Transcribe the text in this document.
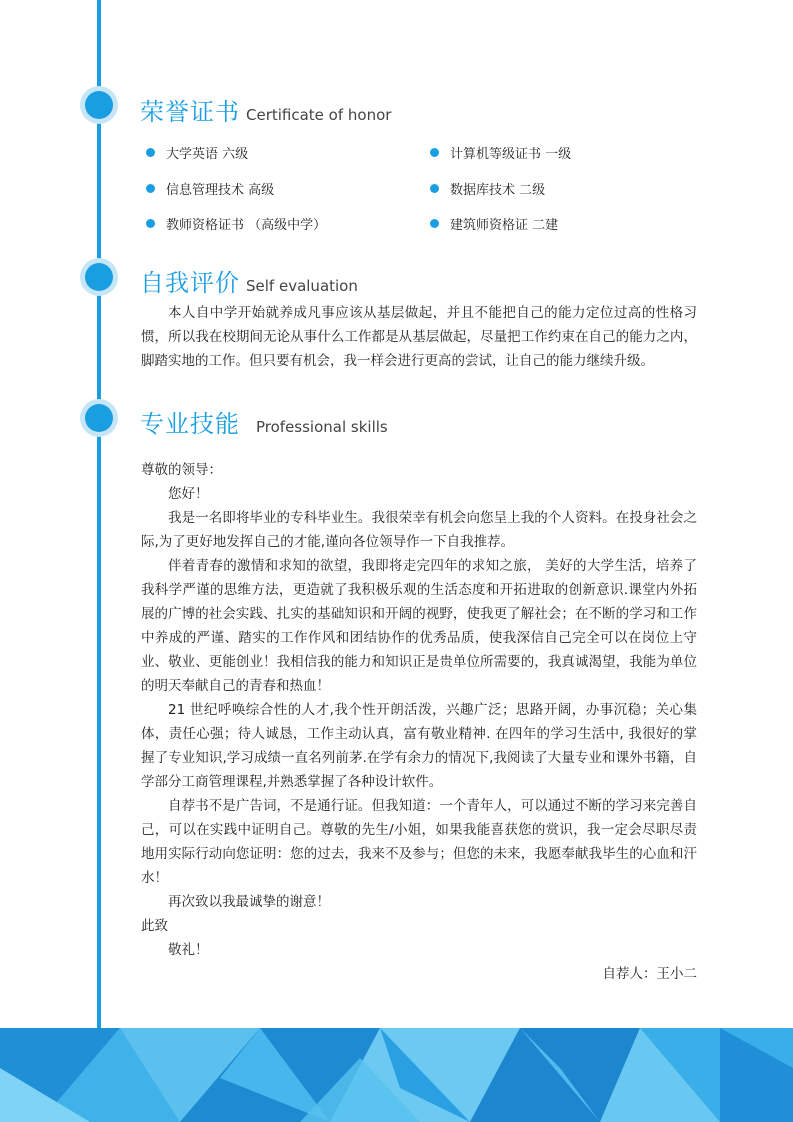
荣誉证书 Certificate of honor
大学英语 六级	计算机等级证书 一级
信息管理技术 高级	数据库技术 二级
教师资格证书 （高级中学）	建筑师资格证 二建
自我评价 Self evaluation

本人自中学开始就养成凡事应该从基层做起，并且不能把自己的能力定位过高的性格习惯，所以我在校期间无论从事什么工作都是从基层做起，尽量把工作约束在自己的能力之内，脚踏实地的工作。但只要有机会，我一样会进行更高的尝试，让自己的能力继续升级。

专业技能 Professional skills

尊敬的领导：

您好！

我是一名即将毕业的专科毕业生。我很荣幸有机会向您呈上我的个人资料。在投身社会之际,为了更好地发挥自己的才能,谨向各位领导作一下自我推荐。

伴着青春的激情和求知的欲望，我即将走完四年的求知之旅， 美好的大学生活，培养了我科学严谨的思维方法，更造就了我积极乐观的生活态度和开拓进取的创新意识.课堂内外拓展的广博的社会实践、扎实的基础知识和开阔的视野，使我更了解社会；在不断的学习和工作中养成的严谨、踏实的工作作风和团结协作的优秀品质，使我深信自己完全可以在岗位上守业、敬业、更能创业！我相信我的能力和知识正是贵单位所需要的，我真诚渴望，我能为单位的明天奉献自己的青春和热血！

21 世纪呼唤综合性的人才,我个性开朗活泼，兴趣广泛；思路开阔，办事沉稳；关心集体，责任心强；待人诚恳，工作主动认真，富有敬业精神. 在四年的学习生活中, 我很好的掌握了专业知识,学习成绩一直名列前茅.在学有余力的情况下,我阅读了大量专业和课外书籍，自学部分工商管理课程,并熟悉掌握了各种设计软件。

自荐书不是广告词，不是通行证。但我知道：一个青年人，可以通过不断的学习来完善自己，可以在实践中证明自己。尊敬的先生/小姐，如果我能喜获您的赏识，我一定会尽职尽责地用实际行动向您证明：您的过去，我来不及参与；但您的未来，我愿奉献我毕生的心血和汗水！

再次致以我最诚挚的谢意！

此致

敬礼！

自荐人：王小二
